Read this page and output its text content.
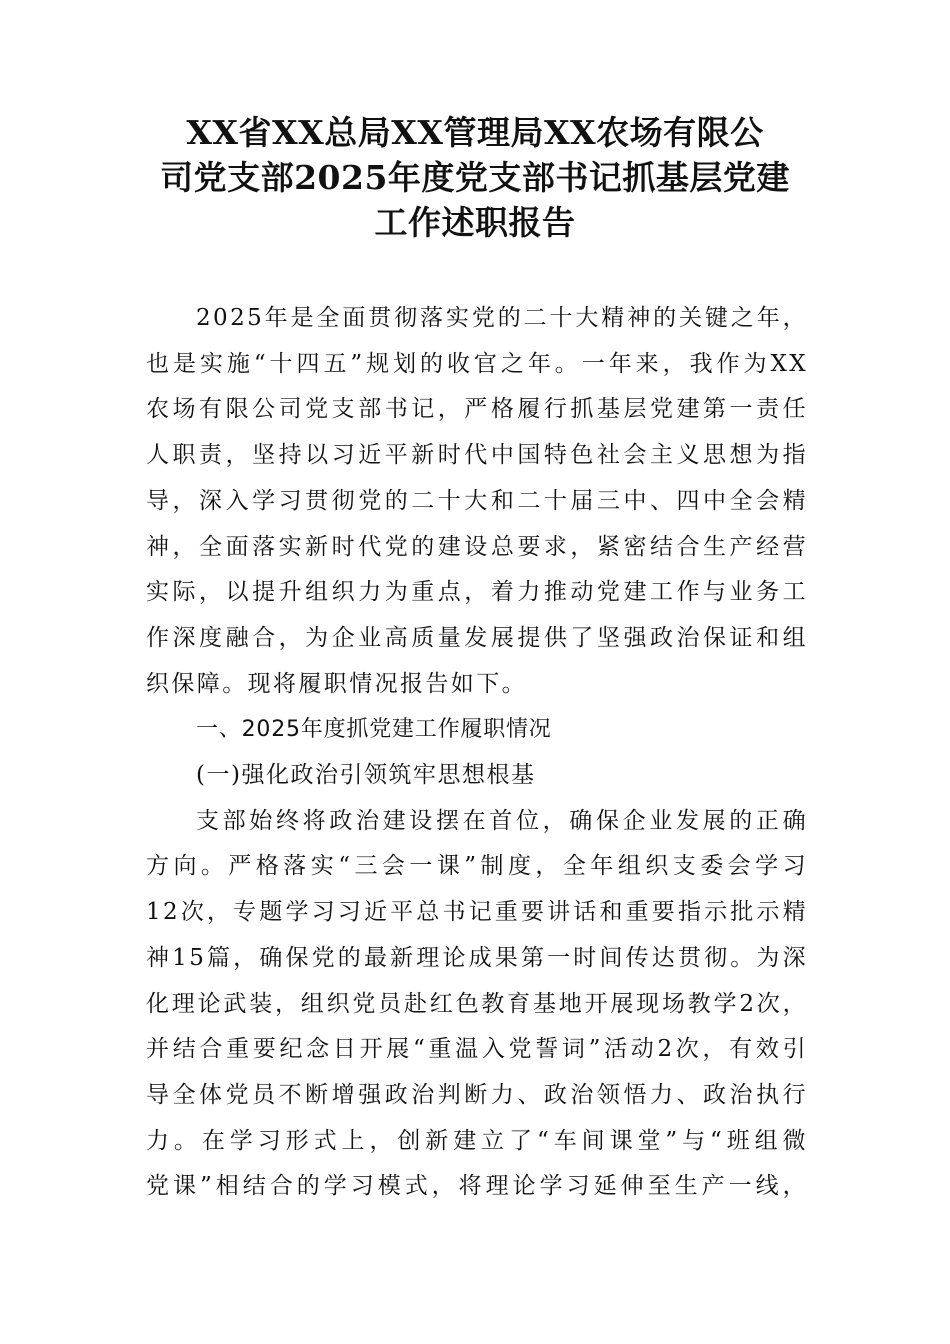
XX省XX总局XX管理局XX农场有限公
司党支部2025年度党支部书记抓基层党建
工作述职报告
2025年是全面贯彻落实党的二十大精神的关键之年，
也是实施“十四五”规划的收官之年。一年来，我作为XX
农场有限公司党支部书记，严格履行抓基层党建第一责任
人职责，坚持以习近平新时代中国特色社会主义思想为指
导，深入学习贯彻党的二十大和二十届三中、四中全会精
神，全面落实新时代党的建设总要求，紧密结合生产经营
实际，以提升组织力为重点，着力推动党建工作与业务工
作深度融合，为企业高质量发展提供了坚强政治保证和组
织保障。现将履职情况报告如下。
一、2025年度抓党建工作履职情况
(一)强化政治引领筑牢思想根基
支部始终将政治建设摆在首位，确保企业发展的正确
方向。严格落实“三会一课”制度，全年组织支委会学习
12次，专题学习习近平总书记重要讲话和重要指示批示精
神15篇，确保党的最新理论成果第一时间传达贯彻。为深
化理论武装，组织党员赴红色教育基地开展现场教学2次，
并结合重要纪念日开展“重温入党誓词”活动2次，有效引
导全体党员不断增强政治判断力、政治领悟力、政治执行
力。在学习形式上，创新建立了“车间课堂”与“班组微
党课”相结合的学习模式，将理论学习延伸至生产一线，
